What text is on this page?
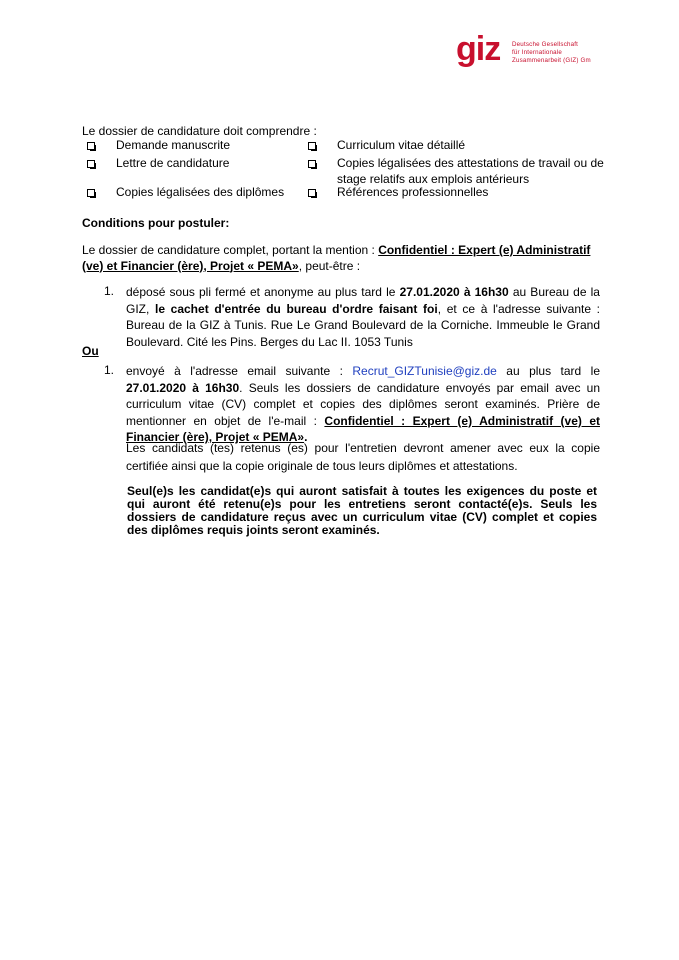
giz Deutsche Gesellschaft
für Internationale
Zusammenarbeit (GIZ) Gm
Le dossier de candidature doit comprendre :
Demande manuscrite
Lettre de candidature
Copies légalisées des diplômes
Curriculum vitae détaillé
Copies légalisées des attestations de travail ou de
stage relatifs aux emplois antérieurs
Références professionnelles
Conditions pour postuler:
Le dossier de candidature complet, portant la mention : Confidentiel : Expert (e) Administratif (ve) et Financier (ère), Projet « PEMA», peut-être :
1. déposé sous pli fermé et anonyme au plus tard le 27.01.2020 à 16h30 au Bureau de la GIZ, le cachet d'entrée du bureau d'ordre faisant foi, et ce à l'adresse suivante : Bureau de la GIZ à Tunis. Rue Le Grand Boulevard de la Corniche. Immeuble le Grand Boulevard. Cité les Pins. Berges du Lac II. 1053 Tunis
Ou
1. envoyé à l'adresse email suivante : Recrut_GIZTunisie@giz.de au plus tard le 27.01.2020 à 16h30. Seuls les dossiers de candidature envoyés par email avec un curriculum vitae (CV) complet et copies des diplômes seront examinés. Prière de mentionner en objet de l'e-mail : Confidentiel : Expert (e) Administratif (ve) et Financier (ère), Projet « PEMA».
Les candidats (tes) retenus (es) pour l'entretien devront amener avec eux la copie certifiée ainsi que la copie originale de tous leurs diplômes et attestations.
Seul(e)s les candidat(e)s qui auront satisfait à toutes les exigences du poste et qui auront été retenu(e)s pour les entretiens seront contacté(e)s. Seuls les dossiers de candidature reçus avec un curriculum vitae (CV) complet et copies des diplômes requis joints seront examinés.
